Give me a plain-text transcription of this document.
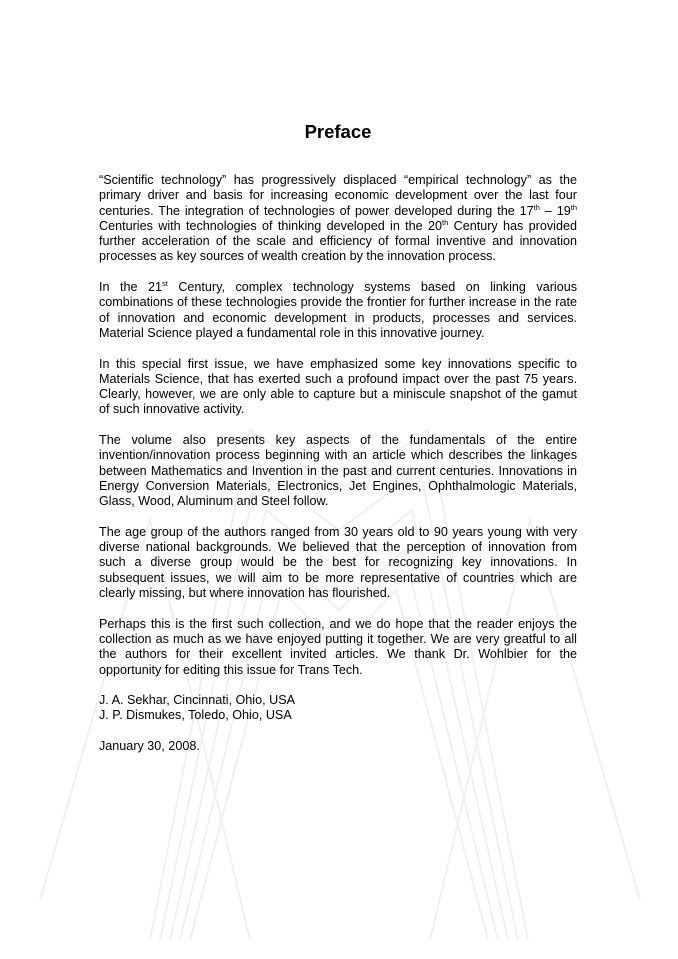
Preface

“Scientific technology” has progressively displaced “empirical technology” as the primary driver and basis for increasing economic development over the last four centuries. The integration of technologies of power developed during the 17th – 19th Centuries with technologies of thinking developed in the 20th Century has provided further acceleration of the scale and efficiency of formal inventive and innovation processes as key sources of wealth creation by the innovation process.

In the 21st Century, complex technology systems based on linking various combinations of these technologies provide the frontier for further increase in the rate of innovation and economic development in products, processes and services. Material Science played a fundamental role in this innovative journey.

In this special first issue, we have emphasized some key innovations specific to Materials Science, that has exerted such a profound impact over the past 75 years. Clearly, however, we are only able to capture but a miniscule snapshot of the gamut of such innovative activity.

The volume also presents key aspects of the fundamentals of the entire invention/innovation process beginning with an article which describes the linkages between Mathematics and Invention in the past and current centuries. Innovations in Energy Conversion Materials, Electronics, Jet Engines, Ophthalmologic Materials, Glass, Wood, Aluminum and Steel follow.

The age group of the authors ranged from 30 years old to 90 years young with very diverse national backgrounds. We believed that the perception of innovation from such a diverse group would be the best for recognizing key innovations. In subsequent issues, we will aim to be more representative of countries which are clearly missing, but where innovation has flourished.

Perhaps this is the first such collection, and we do hope that the reader enjoys the collection as much as we have enjoyed putting it together. We are very greatful to all the authors for their excellent invited articles. We thank Dr. Wohlbier for the opportunity for editing this issue for Trans Tech.

J. A. Sekhar, Cincinnati, Ohio, USA
J. P. Dismukes, Toledo, Ohio, USA

January 30, 2008.
